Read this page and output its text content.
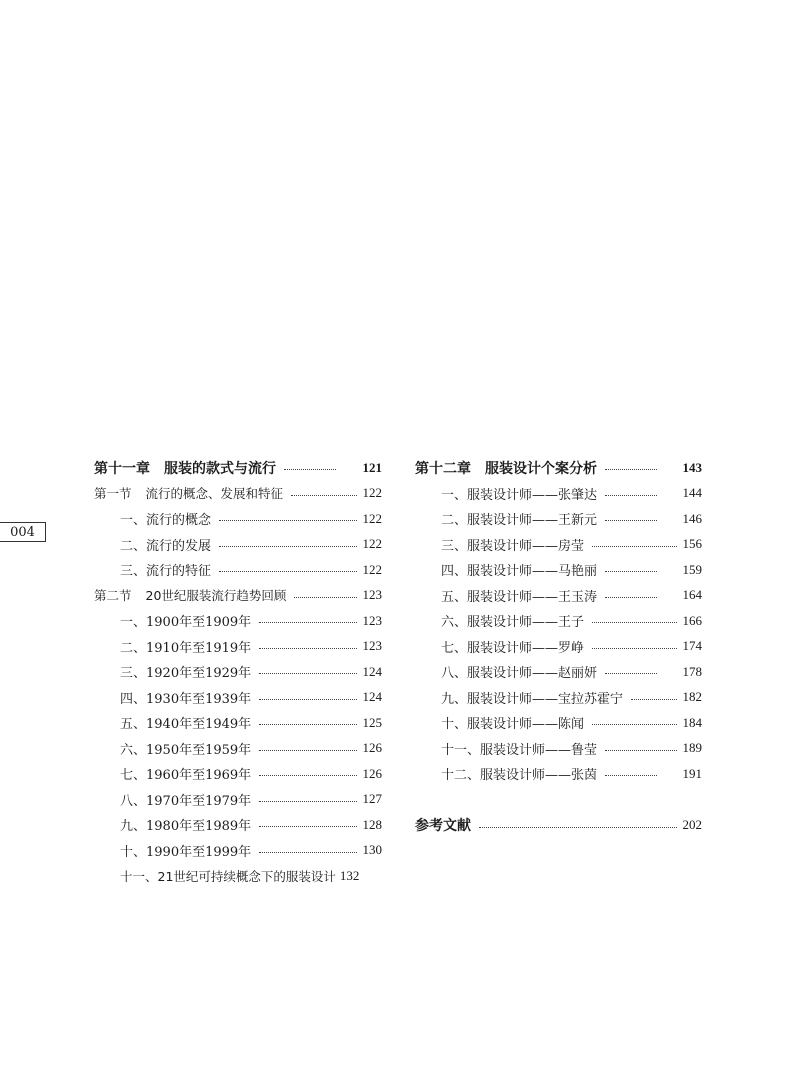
004
第十一章 服装的款式与流行	121
第一节 流行的概念、发展和特征	122
一、流行的概念	122
二、流行的发展	122
三、流行的特征	122
第二节 20世纪服装流行趋势回顾	123
一、1900年至1909年	123
二、1910年至1919年	123
三、1920年至1929年	124
四、1930年至1939年	124
五、1940年至1949年	125
六、1950年至1959年	126
七、1960年至1969年	126
八、1970年至1979年	127
九、1980年至1989年	128
十、1990年至1999年	130
十一、21世纪可持续概念下的服装设计 132
第十二章 服装设计个案分析	143
一、服装设计师——张肇达	144
二、服装设计师——王新元	146
三、服装设计师——房莹	156
四、服装设计师——马艳丽	159
五、服装设计师——王玉涛	164
六、服装设计师——王子	166
七、服装设计师——罗峥	174
八、服装设计师——赵丽妍	178
九、服装设计师——宝拉苏霍宁	182
十、服装设计师——陈闻	184
十一、服装设计师——鲁莹	189
十二、服装设计师——张茵	191
参考文献	202
